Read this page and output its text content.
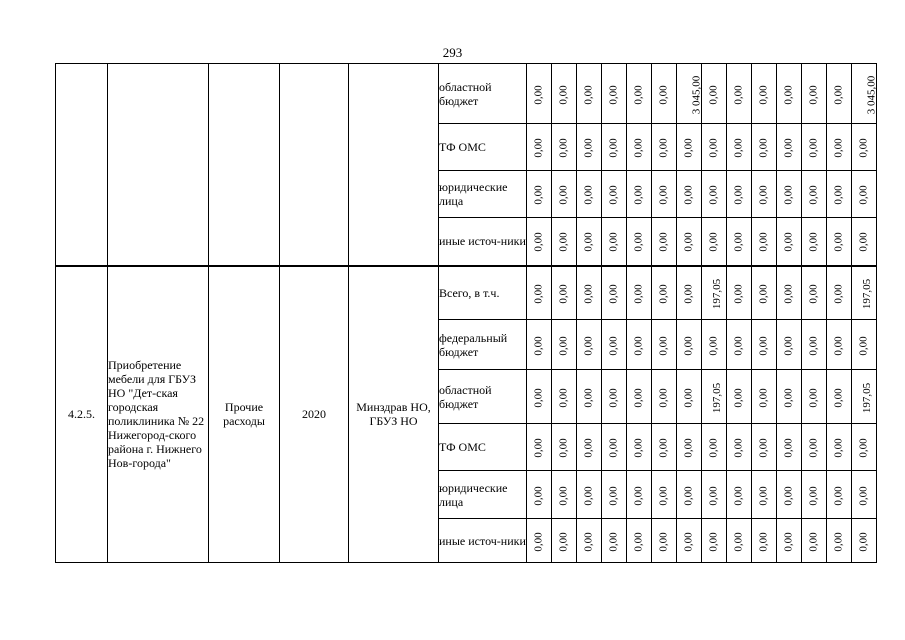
293
					областной бюджет	0,00	0,00	0,00	0,00	0,00	0,00	3 045,00	0,00	0,00	0,00	0,00	0,00	0,00	3 045,00
					ТФ ОМС	0,00	0,00	0,00	0,00	0,00	0,00	0,00	0,00	0,00	0,00	0,00	0,00	0,00	0,00
					юридические лица	0,00	0,00	0,00	0,00	0,00	0,00	0,00	0,00	0,00	0,00	0,00	0,00	0,00	0,00
					иные источ-ники	0,00	0,00	0,00	0,00	0,00	0,00	0,00	0,00	0,00	0,00	0,00	0,00	0,00	0,00
4.2.5.	Приобретение мебели для ГБУЗ НО "Дет-ская городская поликлиника № 22 Нижегород-ского района г. Нижнего Нов-города"	Прочие расходы	2020	Минздрав НО, ГБУЗ НО	Всего, в т.ч.	0,00	0,00	0,00	0,00	0,00	0,00	0,00	197,05	0,00	0,00	0,00	0,00	0,00	197,05
					федеральный бюджет	0,00	0,00	0,00	0,00	0,00	0,00	0,00	0,00	0,00	0,00	0,00	0,00	0,00	0,00
					областной бюджет	0,00	0,00	0,00	0,00	0,00	0,00	0,00	197,05	0,00	0,00	0,00	0,00	0,00	197,05
					ТФ ОМС	0,00	0,00	0,00	0,00	0,00	0,00	0,00	0,00	0,00	0,00	0,00	0,00	0,00	0,00
					юридические лица	0,00	0,00	0,00	0,00	0,00	0,00	0,00	0,00	0,00	0,00	0,00	0,00	0,00	0,00
					иные источ-ники	0,00	0,00	0,00	0,00	0,00	0,00	0,00	0,00	0,00	0,00	0,00	0,00	0,00	0,00
